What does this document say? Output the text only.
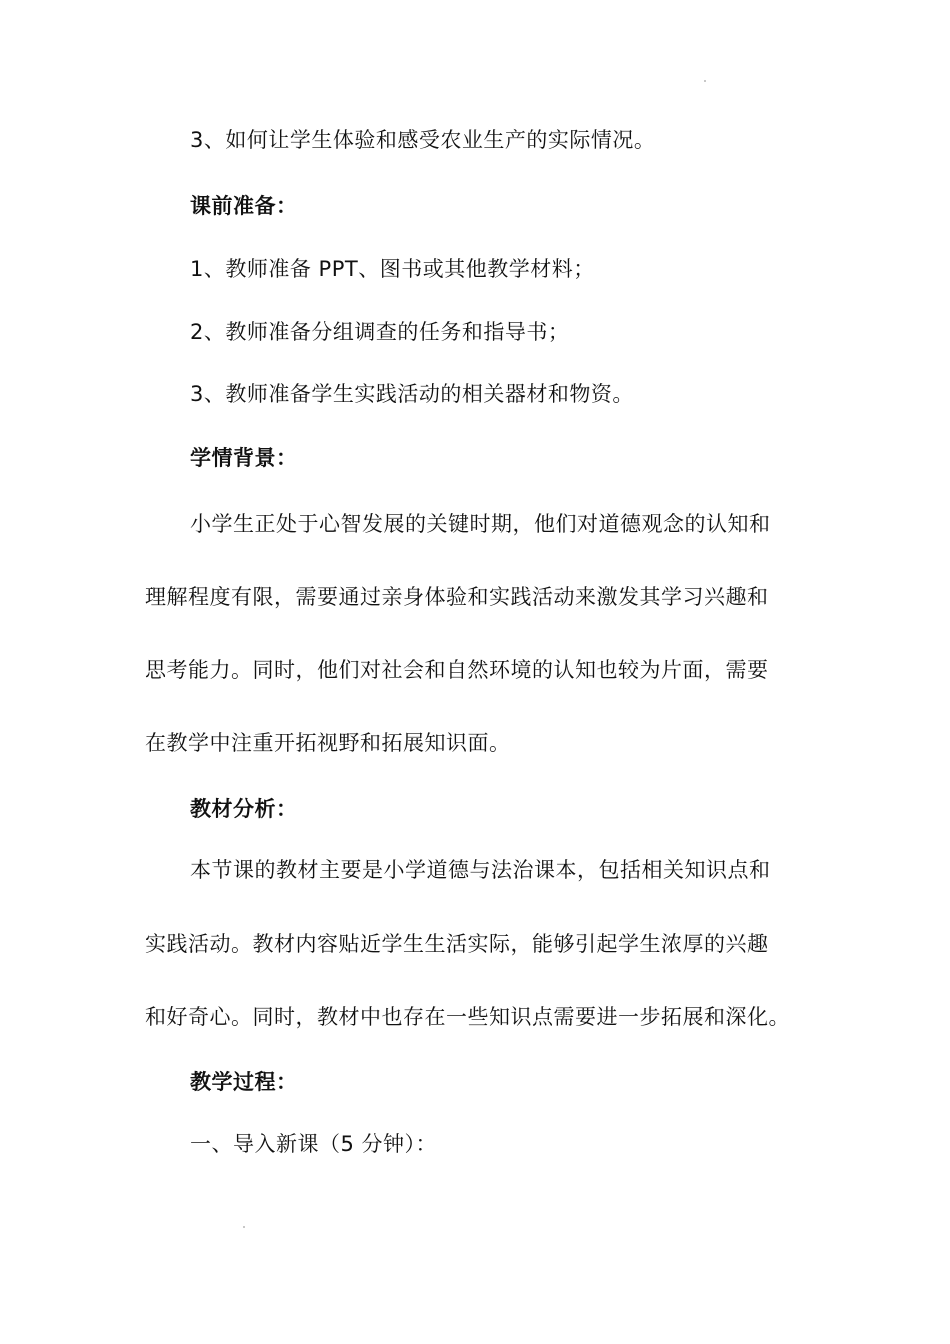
3、如何让学生体验和感受农业生产的实际情况。
课前准备：
1、教师准备 PPT、图书或其他教学材料；
2、教师准备分组调查的任务和指导书；
3、教师准备学生实践活动的相关器材和物资。
学情背景：
小学生正处于心智发展的关键时期，他们对道德观念的认知和
理解程度有限，需要通过亲身体验和实践活动来激发其学习兴趣和
思考能力。同时，他们对社会和自然环境的认知也较为片面，需要
在教学中注重开拓视野和拓展知识面。
教材分析：
本节课的教材主要是小学道德与法治课本，包括相关知识点和
实践活动。教材内容贴近学生生活实际，能够引起学生浓厚的兴趣
和好奇心。同时，教材中也存在一些知识点需要进一步拓展和深化。
教学过程：
一、导入新课（5 分钟）：
